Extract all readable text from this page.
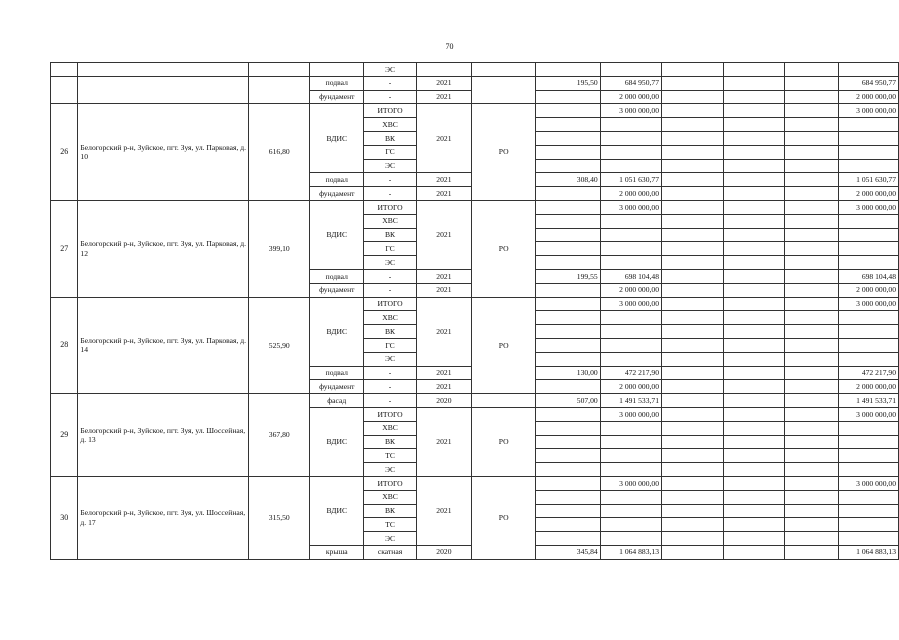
70
				ЭС								
			подвал	-	2021		195,50	684 950,77				684 950,77
			фундамент	-	2021			2 000 000,00				2 000 000,00
26	Белогорский р-н, Зуйское, пгт. Зуя, ул. Парковая, д. 10	616,80	ВДИС	ИТОГО	2021	РО		3 000 000,00				3 000 000,00
				ХВС								
				ВК								
				ГС								
				ЭС								
			подвал	-	2021		308,40	1 051 630,77				1 051 630,77
			фундамент	-	2021			2 000 000,00				2 000 000,00
27	Белогорский р-н, Зуйское, пгт. Зуя, ул. Парковая, д. 12	399,10	ВДИС	ИТОГО	2021	РО		3 000 000,00				3 000 000,00
				ХВС								
				ВК								
				ГС								
				ЭС								
			подвал	-	2021		199,55	698 104,48				698 104,48
			фундамент	-	2021			2 000 000,00				2 000 000,00
28	Белогорский р-н, Зуйское, пгт. Зуя, ул. Парковая, д. 14	525,90	ВДИС	ИТОГО	2021	РО		3 000 000,00				3 000 000,00
				ХВС								
				ВК								
				ГС								
				ЭС								
			подвал	-	2021		130,00	472 217,90				472 217,90
			фундамент	-	2021			2 000 000,00				2 000 000,00
29	Белогорский р-н, Зуйское, пгт. Зуя, ул. Шоссейная, д. 13	367,80	фасад	-	2020		507,00	1 491 533,71				1 491 533,71
			ВДИС	ИТОГО	2021	РО		3 000 000,00				3 000 000,00
				ХВС								
				ВК								
				ТС								
				ЭС								
30	Белогорский р-н, Зуйское, пгт. Зуя, ул. Шоссейная, д. 17	315,50	ВДИС	ИТОГО	2021	РО		3 000 000,00				3 000 000,00
				ХВС								
				ВК								
				ТС								
				ЭС								
			крыша	скатная	2020		345,84	1 064 883,13				1 064 883,13
